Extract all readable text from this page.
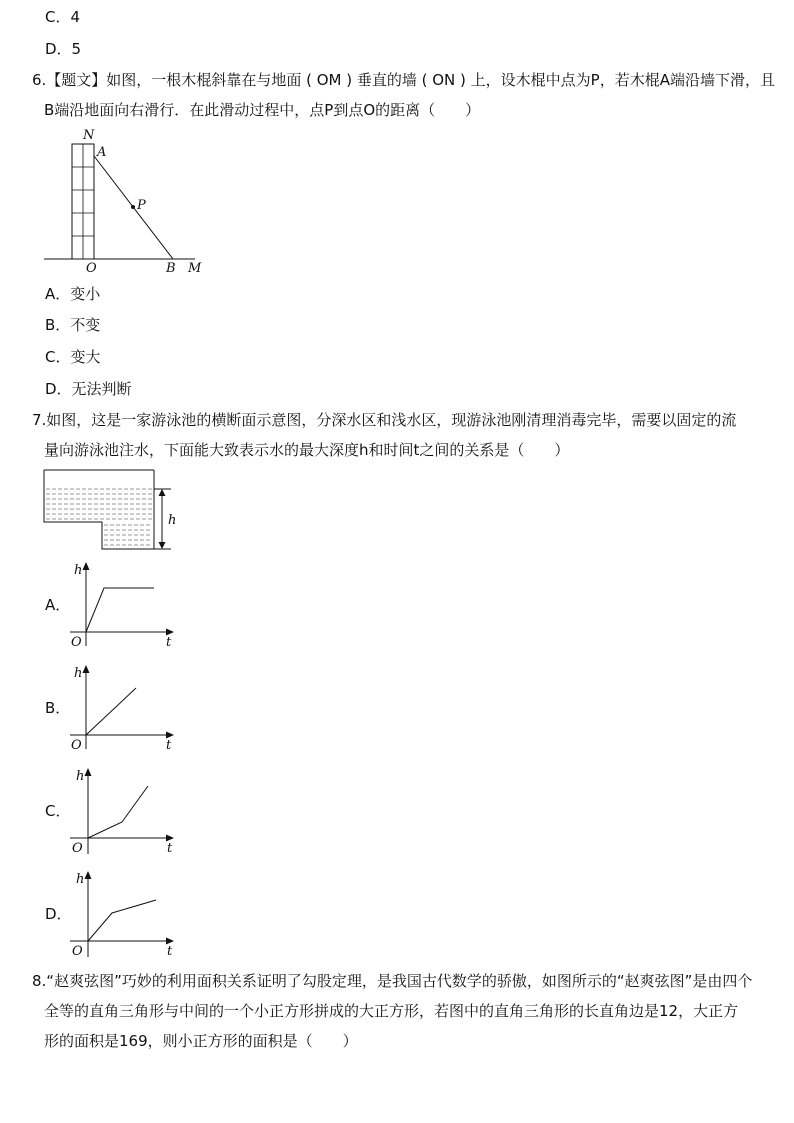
C．4
D．5
6.【题文】如图，一根木棍斜靠在与地面 ( OM ) 垂直的墙 ( ON ) 上，设木棍中点为P，若木棍A端沿墙下滑，且
B端沿地面向右滑行．在此滑动过程中，点P到点O的距离（　　）
N
A
P
O	B M
A．变小
B．不变
C．变大
D．无法判断
7.如图，这是一家游泳池的横断面示意图，分深水区和浅水区，现游泳池刚清理消毒完毕，需要以固定的流
量向游泳池注水，下面能大致表示水的最大深度h和时间t之间的关系是（　　）
h
A．
h
O	t
B．
h
O	t
C．
h
O	t
D．
h
O	t
8.“赵爽弦图”巧妙的利用面积关系证明了勾股定理，是我国古代数学的骄傲，如图所示的“赵爽弦图”是由四个
全等的直角三角形与中间的一个小正方形拼成的大正方形，若图中的直角三角形的长直角边是12，大正方
形的面积是169，则小正方形的面积是（　　）
